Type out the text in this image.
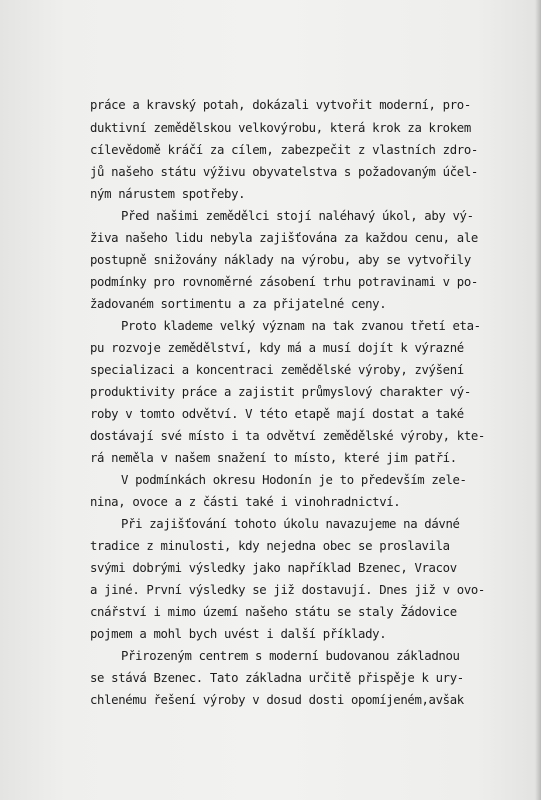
práce a kravský potah, dokázali vytvořit moderní, pro-

duktivní zemědělskou velkovýrobu, která krok za krokem

cílevědomě kráčí za cílem, zabezpečit z vlastních zdro-

jů našeho státu výživu obyvatelstva s požadovaným účel-

ným nárustem spotřeby.

Před našimi zemědělci stojí naléhavý úkol, aby vý-

živa našeho lidu nebyla zajišťována za každou cenu, ale

postupně snižovány náklady na výrobu, aby se vytvořily

podmínky pro rovnoměrné zásobení trhu potravinami v po-

žadovaném sortimentu a za přijatelné ceny.

Proto klademe velký význam na tak zvanou třetí eta-

pu rozvoje zemědělství, kdy má a musí dojít k výrazné

specializaci a koncentraci zemědělské výroby, zvýšení

produktivity práce a zajistit průmyslový charakter vý-

roby v tomto odvětví. V této etapě mají dostat a také

dostávají své místo i ta odvětví zemědělské výroby, kte-

rá neměla v našem snažení to místo, které jim patří.

V podmínkách okresu Hodonín je to především zele-

nina, ovoce a z části také i vinohradnictví.

Při zajišťování tohoto úkolu navazujeme na dávné

tradice z minulosti, kdy nejedna obec se proslavila

svými dobrými výsledky jako například Bzenec, Vracov

a jiné. První výsledky se již dostavují. Dnes již v ovo-

cnářství i mimo území našeho státu se staly Žádovice

pojmem a mohl bych uvést i další příklady.

Přirozeným centrem s moderní budovanou základnou

se stává Bzenec. Tato základna určitě přispěje k ury-

chlenému řešení výroby v dosud dosti opomíjeném,avšak
